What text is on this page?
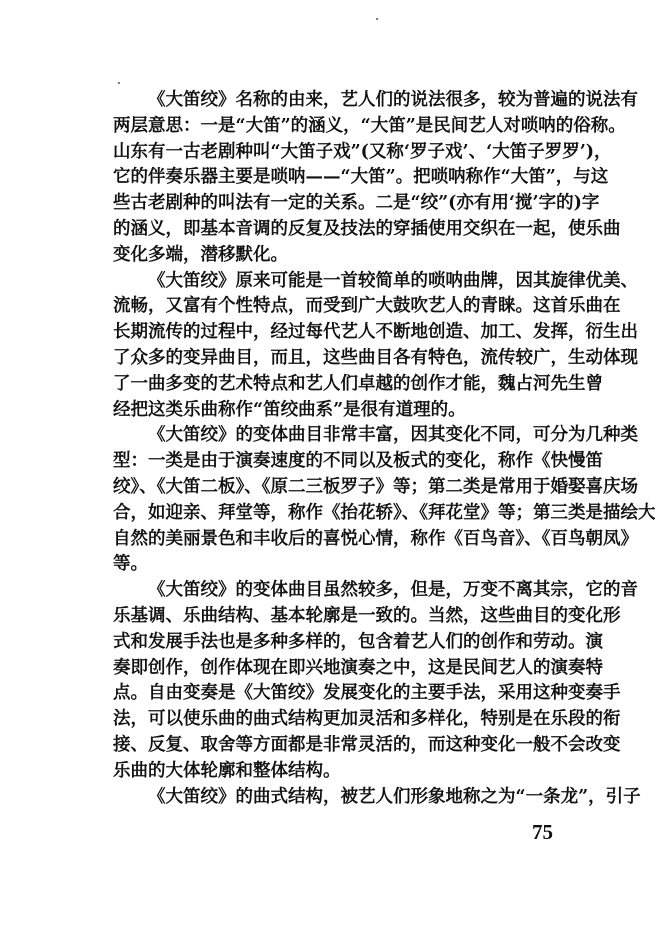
《大笛绞》名称的由来，艺人们的说法很多，较为普遍的说法有
两层意思：一是“大笛”的涵义，“大笛”是民间艺人对唢呐的俗称。
山东有一古老剧种叫“大笛子戏”(又称‘罗子戏’、‘大笛子罗罗’)，
它的伴奏乐器主要是唢呐——“大笛”。把唢呐称作“大笛”，与这
些古老剧种的叫法有一定的关系。二是“绞”(亦有用‘搅’字的)字
的涵义，即基本音调的反复及技法的穿插使用交织在一起，使乐曲
变化多端，潜移默化。
《大笛绞》原来可能是一首较简单的唢呐曲牌，因其旋律优美、
流畅，又富有个性特点，而受到广大鼓吹艺人的青睐。这首乐曲在
长期流传的过程中，经过每代艺人不断地创造、加工、发挥，衍生出
了众多的变异曲目，而且，这些曲目各有特色，流传较广，生动体现
了一曲多变的艺术特点和艺人们卓越的创作才能，魏占河先生曾
经把这类乐曲称作“笛绞曲系”是很有道理的。
《大笛绞》的变体曲目非常丰富，因其变化不同，可分为几种类
型：一类是由于演奏速度的不同以及板式的变化，称作《快慢笛
绞》、《大笛二板》、《原二三板罗子》等；第二类是常用于婚娶喜庆场
合，如迎亲、拜堂等，称作《抬花轿》、《拜花堂》等；第三类是描绘大
自然的美丽景色和丰收后的喜悦心情，称作《百鸟音》、《百鸟朝凤》
等。
《大笛绞》的变体曲目虽然较多，但是，万变不离其宗，它的音
乐基调、乐曲结构、基本轮廓是一致的。当然，这些曲目的变化形
式和发展手法也是多种多样的，包含着艺人们的创作和劳动。演
奏即创作，创作体现在即兴地演奏之中，这是民间艺人的演奏特
点。自由变奏是《大笛绞》发展变化的主要手法，采用这种变奏手
法，可以使乐曲的曲式结构更加灵活和多样化，特别是在乐段的衔
接、反复、取舍等方面都是非常灵活的，而这种变化一般不会改变
乐曲的大体轮廓和整体结构。
《大笛绞》的曲式结构，被艺人们形象地称之为“一条龙”，引子
75
